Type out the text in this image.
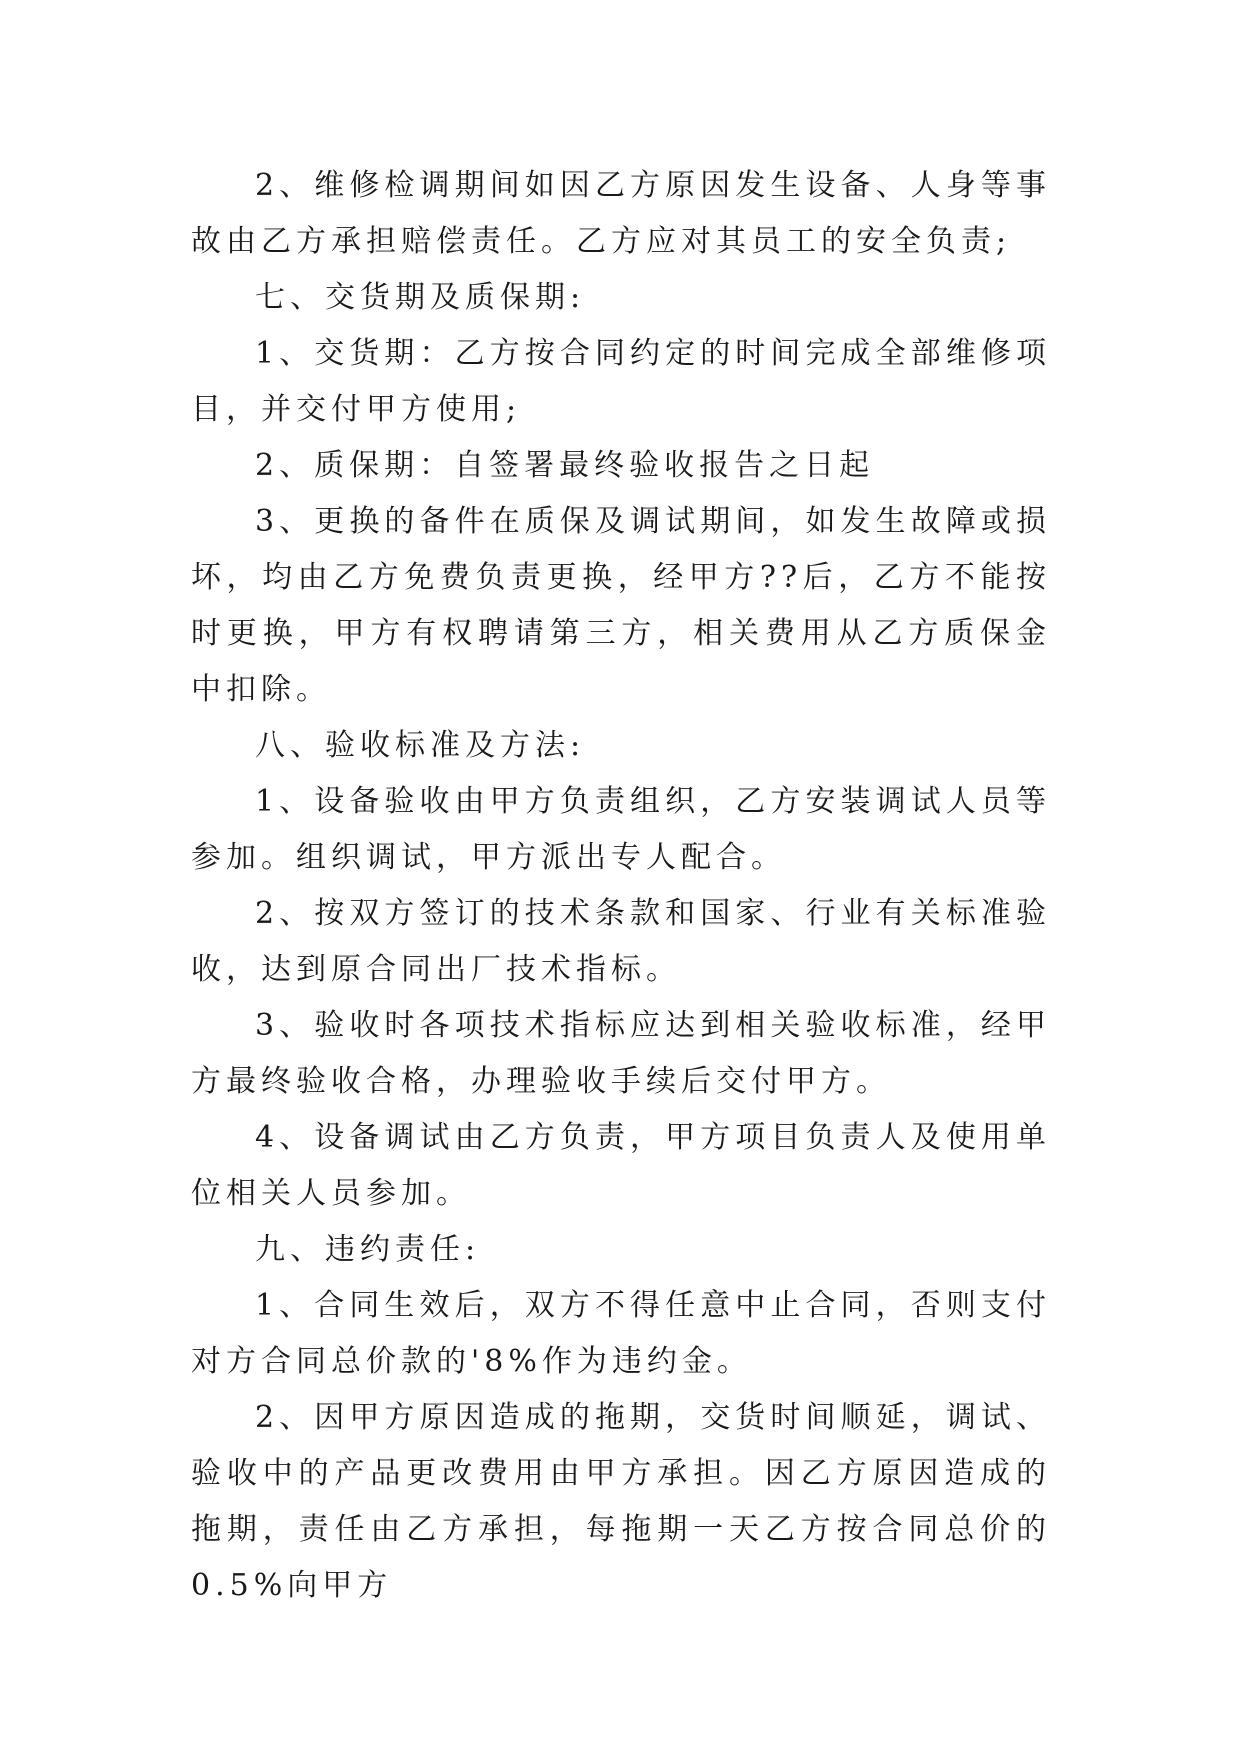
2、维修检调期间如因乙方原因发生设备、人身等事故由乙方承担赔偿责任。乙方应对其员工的安全负责;

七、交货期及质保期:

1、交货期：乙方按合同约定的时间完成全部维修项目，并交付甲方使用;

2、质保期：自签署最终验收报告之日起

3、更换的备件在质保及调试期间，如发生故障或损坏，均由乙方免费负责更换，经甲方??后，乙方不能按时更换，甲方有权聘请第三方，相关费用从乙方质保金中扣除。

八、验收标准及方法:

1、设备验收由甲方负责组织，乙方安装调试人员等参加。组织调试，甲方派出专人配合。

2、按双方签订的技术条款和国家、行业有关标准验收，达到原合同出厂技术指标。

3、验收时各项技术指标应达到相关验收标准，经甲方最终验收合格，办理验收手续后交付甲方。

4、设备调试由乙方负责，甲方项目负责人及使用单位相关人员参加。

九、违约责任:

1、合同生效后，双方不得任意中止合同，否则支付对方合同总价款的'8%作为违约金。

2、因甲方原因造成的拖期，交货时间顺延，调试、验收中的产品更改费用由甲方承担。因乙方原因造成的拖期，责任由乙方承担，每拖期一天乙方按合同总价的0.5%向甲方
